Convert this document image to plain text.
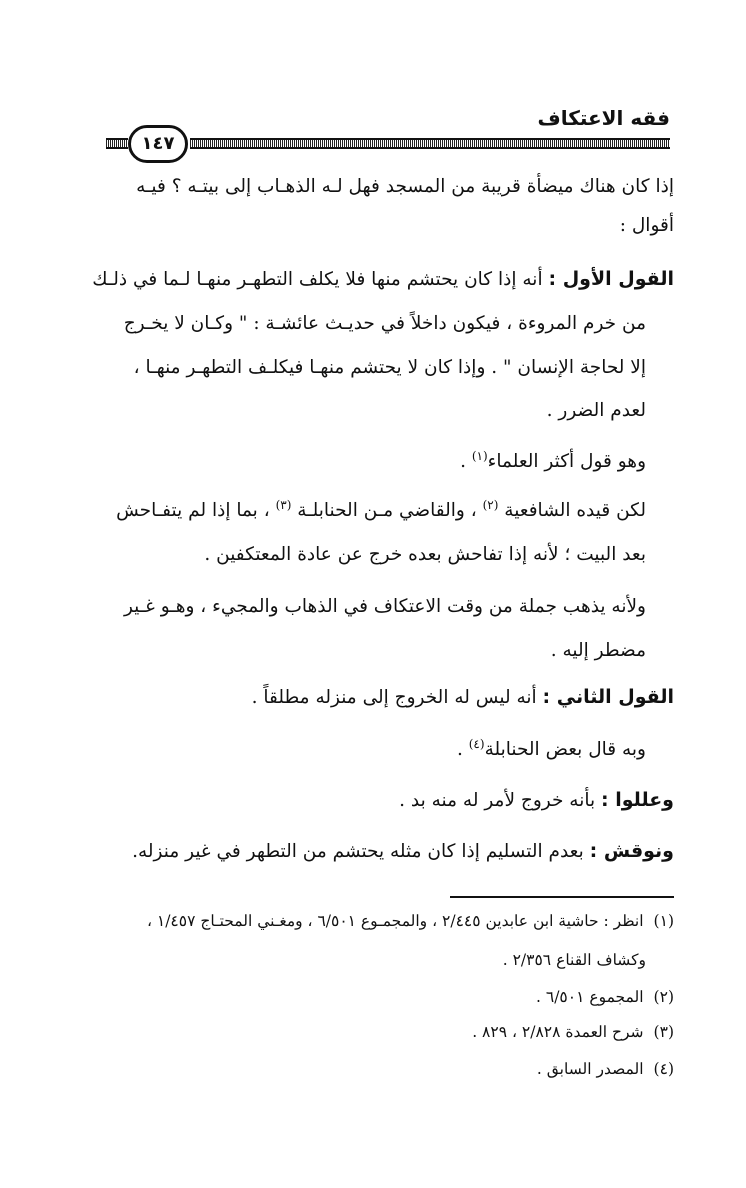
فقه الاعتكاف
١٤٧
إذا كان هناك ميضأة قريبة من المسجد فهل لـه الذهـاب إلى بيتـه ؟ فيـه
أقوال :
القول الأول : أنه إذا كان يحتشم منها فلا يكلف التطهـر منهـا لـما في ذلـك
من خرم المروءة ، فيكون داخلاً في حديـث عائشـة : " وكـان لا يخـرج
إلا لحاجة الإنسان " . وإذا كان لا يحتشم منهـا فيكلـف التطهـر منهـا ،
لعدم الضرر .
وهو قول أكثر العلماء$^{(١)}$ .
لكن قيده الشافعية $^{(٢)}$ ، والقاضي مـن الحنابلـة $^{(٣)}$ ، بما إذا لم يتفـاحش
بعد البيت ؛ لأنه إذا تفاحش بعده خرج عن عادة المعتكفين .
ولأنه يذهب جملة من وقت الاعتكاف في الذهاب والمجيء ، وهـو غـير
مضطر إليه .
القول الثاني : أنه ليس له الخروج إلى منزله مطلقاً .
وبه قال بعض الحنابلة$^{(٤)}$ .
وعللوا : بأنه خروج لأمر له منه بد .
ونوقش : بعدم التسليم إذا كان مثله يحتشم من التطهر في غير منزله.
(١)انظر : حاشية ابن عابدين ٢/٤٤٥ ، والمجمـوع ٦/٥٠١ ، ومغـني المحتـاج ١/٤٥٧ ،
وكشاف القناع ٢/٣٥٦ .
(٢)المجموع ٦/٥٠١ .
(٣)شرح العمدة ٢/٨٢٨ ، ٨٢٩ .
(٤)المصدر السابق .
